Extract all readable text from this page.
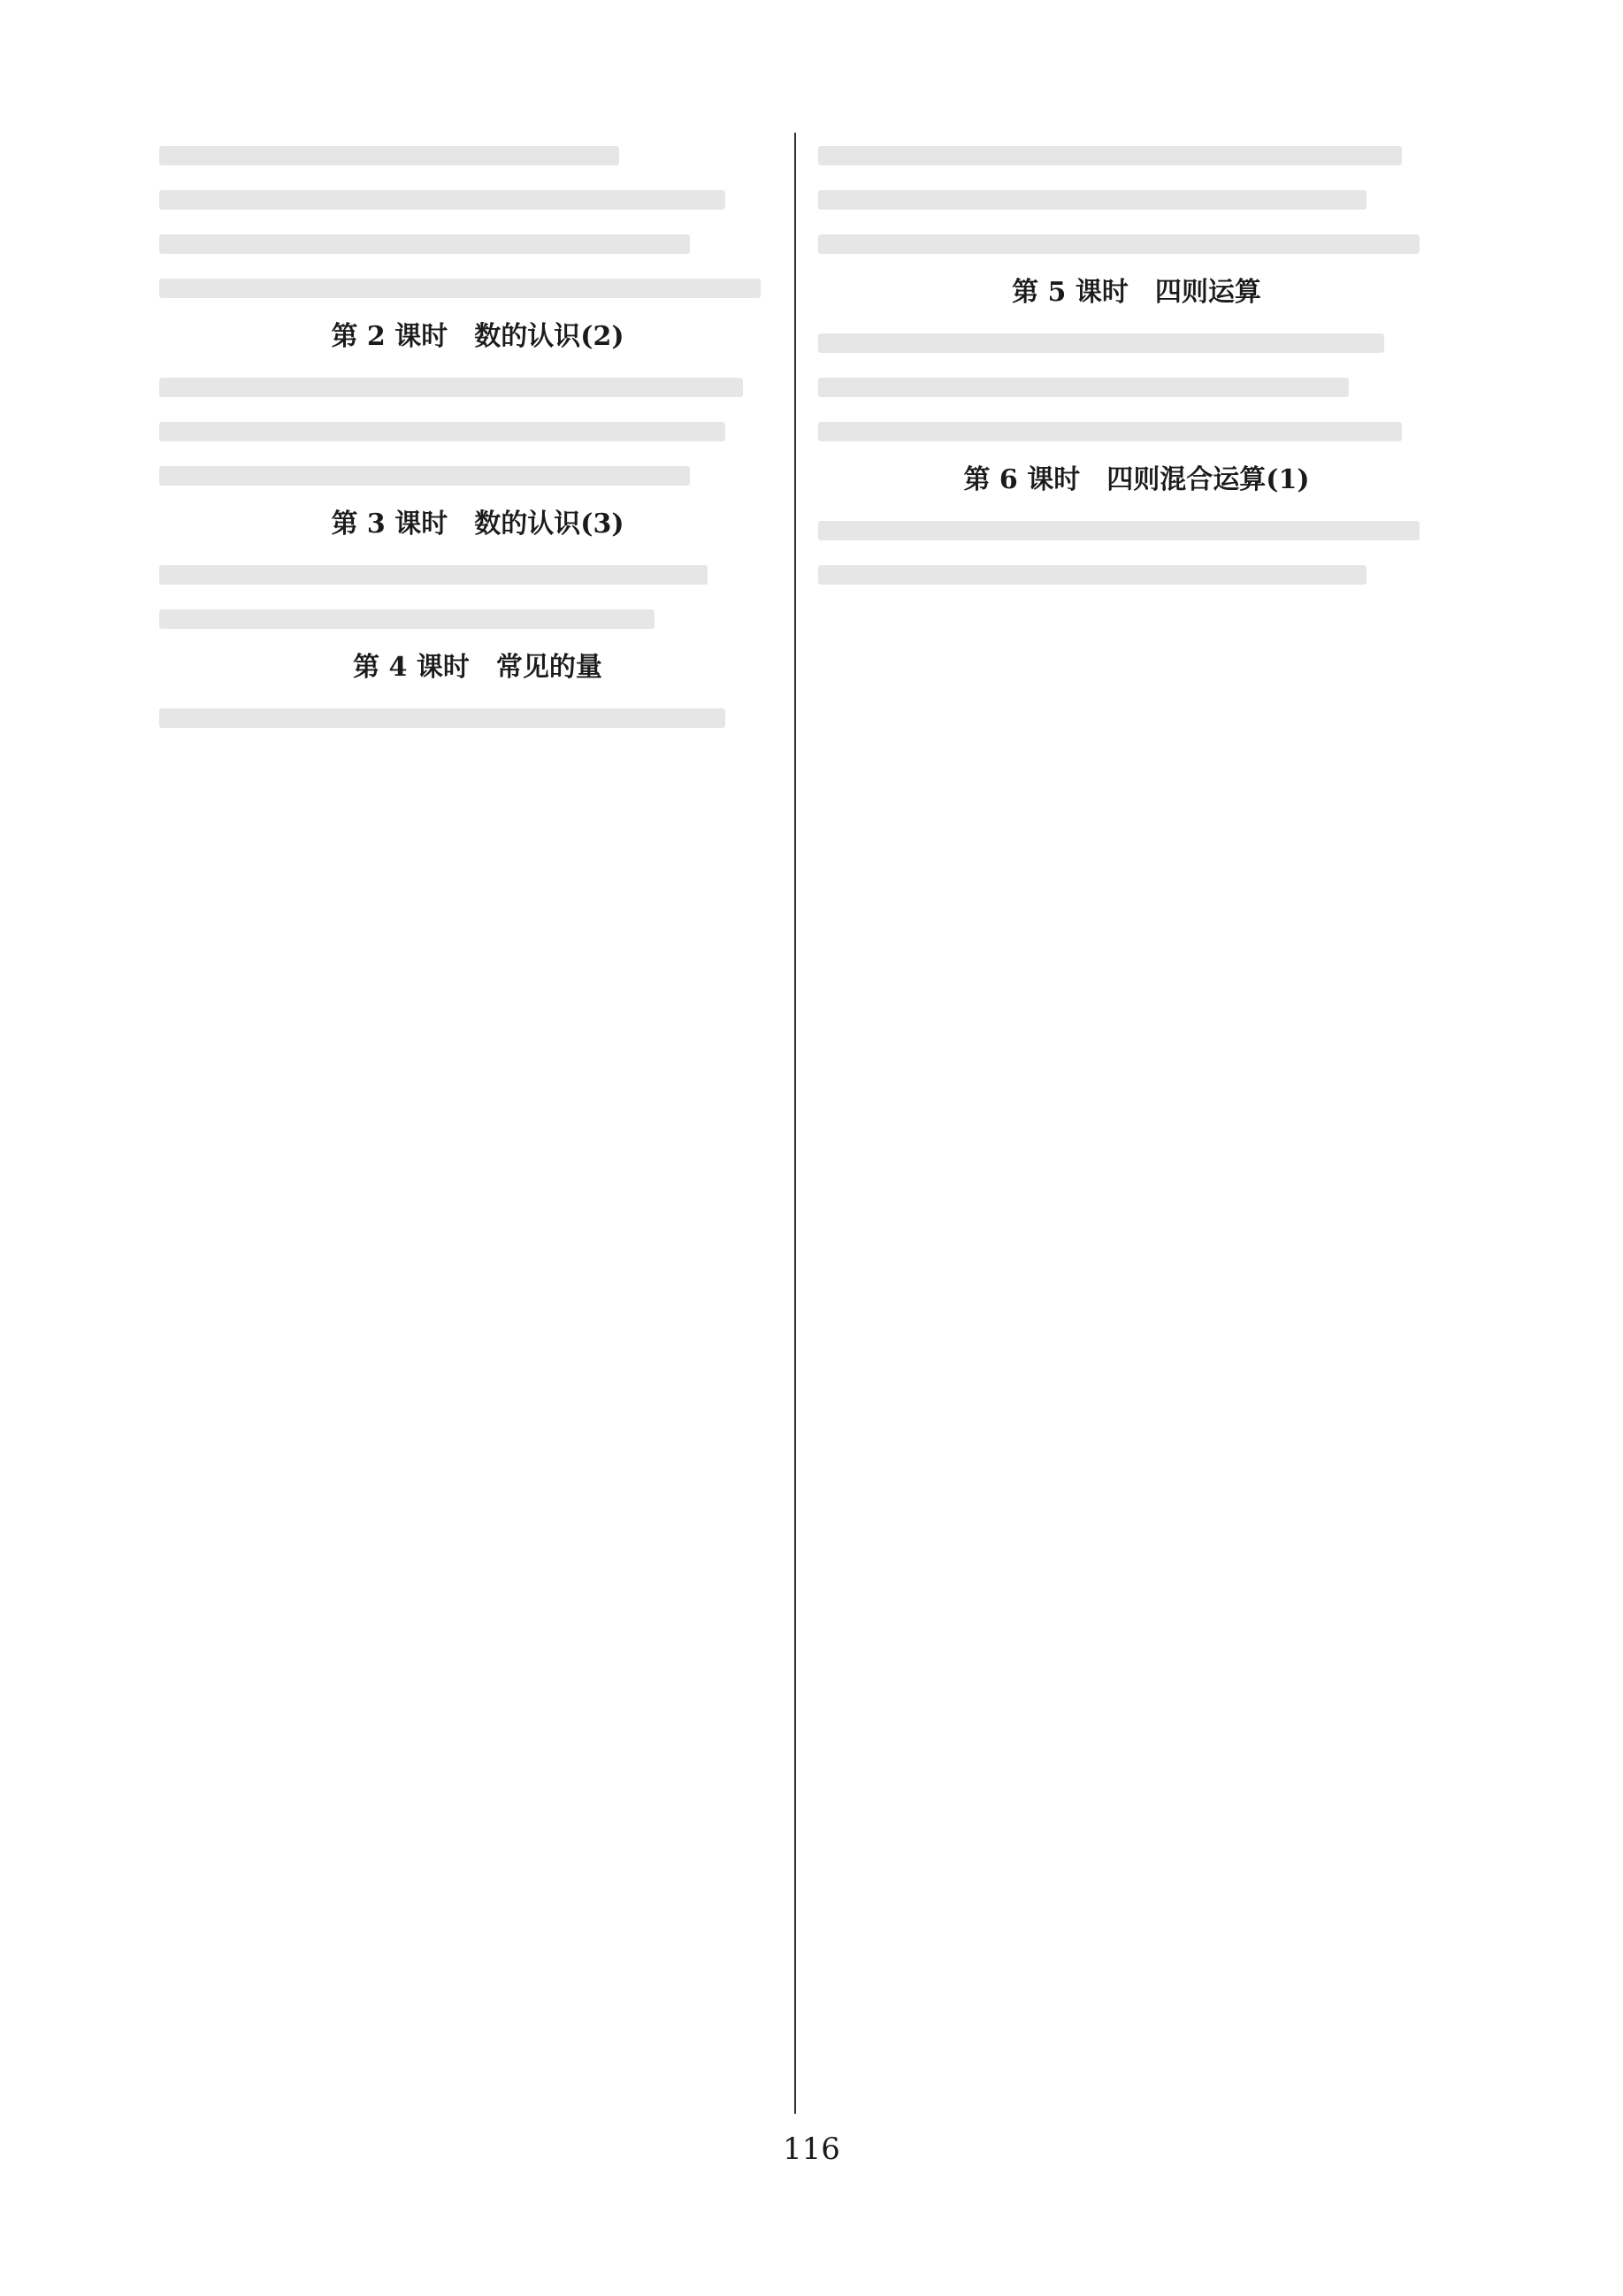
第 2 课时　数的认识(2)
第 3 课时　数的认识(3)
第 4 课时　常见的量
第 5 课时　四则运算
第 6 课时　四则混合运算(1)
116
